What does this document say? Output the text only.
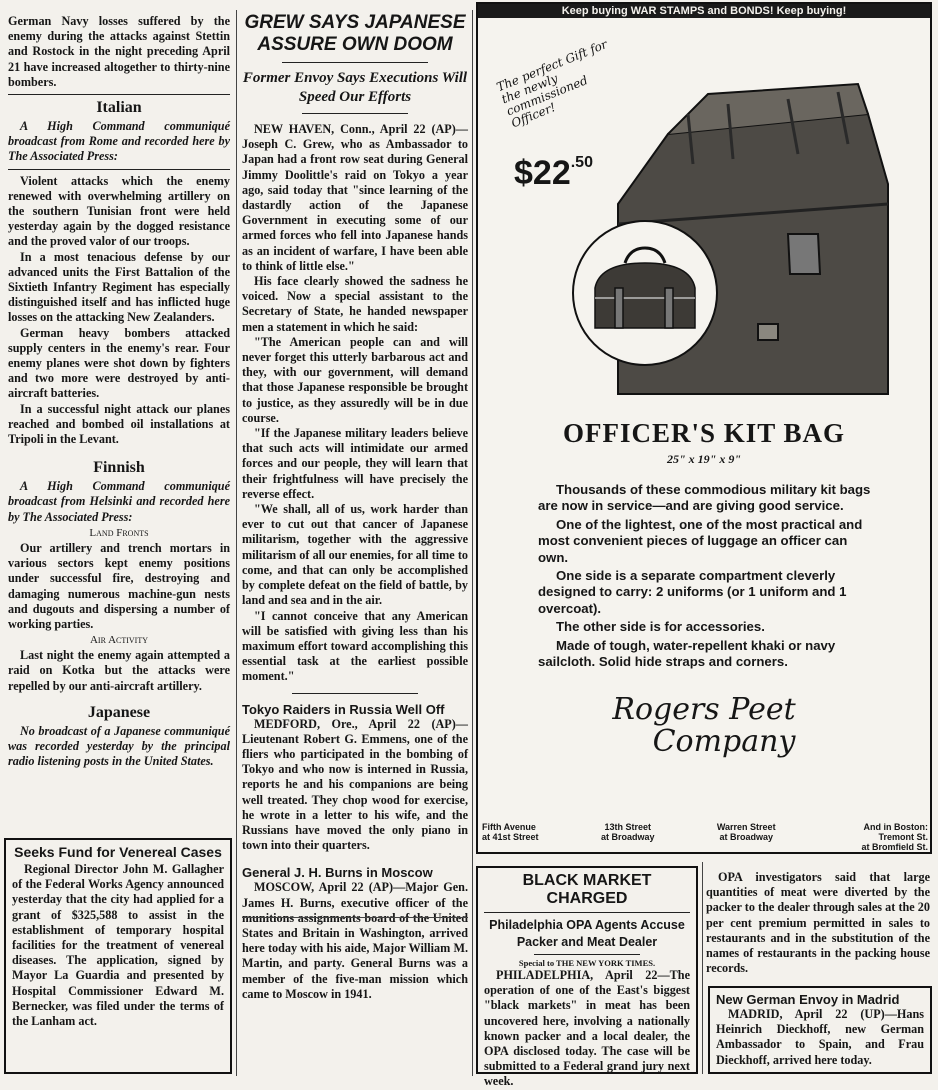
German Navy losses suffered by the enemy during the attacks against Stettin and Rostock in the night preceding April 21 have increased altogether to thirty-nine bombers.

Italian

A High Command communiqué broadcast from Rome and recorded here by The Associated Press:

Violent attacks which the enemy renewed with overwhelming artillery on the southern Tunisian front were held yesterday again by the dogged resistance and the proved valor of our troops.

In a most tenacious defense by our advanced units the First Battalion of the Sixtieth Infantry Regiment has especially distinguished itself and has inflicted huge losses on the attacking New Zealanders.

German heavy bombers attacked supply centers in the enemy's rear. Four enemy planes were shot down by fighters and two more were destroyed by anti-aircraft batteries.

In a successful night attack our planes reached and bombed oil installations at Tripoli in the Levant.

Finnish

A High Command communiqué broadcast from Helsinki and recorded here by The Associated Press:

Land Fronts

Our artillery and trench mortars in various sectors kept enemy positions under successful fire, destroying and damaging numerous machine-gun nests and dugouts and dispersing a number of working parties.

Air Activity

Last night the enemy again attempted a raid on Kotka but the attacks were repelled by our anti-aircraft artillery.

Japanese

No broadcast of a Japanese communiqué was recorded yesterday by the principal radio listening posts in the United States.

Seeks Fund for Venereal Cases

Regional Director John M. Gallagher of the Federal Works Agency announced yesterday that the city had applied for a grant of $325,588 to assist in the establishment of temporary hospital facilities for the treatment of venereal diseases. The application, signed by Mayor La Guardia and presented by Hospital Commissioner Edward M. Bernecker, was filed under the terms of the Lanham act.

GREW SAYS JAPANESE ASSURE OWN DOOM
Former Envoy Says Executions Will Speed Our Efforts

NEW HAVEN, Conn., April 22 (AP)—Joseph C. Grew, who as Ambassador to Japan had a front row seat during General Jimmy Doolittle's raid on Tokyo a year ago, said today that "since learning of the dastardly action of the Japanese Government in executing some of our armed forces who fell into Japanese hands as an incident of warfare, I have been able to think of little else."

His face clearly showed the sadness he voiced. Now a special assistant to the Secretary of State, he handed newspaper men a statement in which he said:

"The American people can and will never forget this utterly barbarous act and they, with our government, will demand that those Japanese responsible be brought to justice, as they assuredly will be in due course.

"If the Japanese military leaders believe that such acts will intimidate our armed forces and our people, they will learn that their frightfulness will have precisely the reverse effect.

"We shall, all of us, work harder than ever to cut out that cancer of Japanese militarism, together with the aggressive militarism of all our enemies, for all time to come, and that can only be accomplished by complete defeat on the field of battle, by land and sea and in the air.

"I cannot conceive that any American will be satisfied with giving less than his maximum effort toward accomplishing this essential task at the earliest possible moment."

Tokyo Raiders in Russia Well Off

MEDFORD, Ore., April 22 (AP)—Lieutenant Robert G. Emmens, one of the fliers who participated in the bombing of Tokyo and who now is interned in Russia, reports he and his companions are being well treated. They chop wood for exercise, he wrote in a letter to his wife, and the Russians have moved the only piano in town into their quarters.

General J. H. Burns in Moscow

MOSCOW, April 22 (AP)—Major Gen. James H. Burns, executive officer of the munitions assignments board of the United States and Britain in Washington, arrived here today with his aide, Major William M. Martin, and party. General Burns was a member of the five-man mission which came to Moscow in 1941.

Keep buying WAR STAMPS and BONDS! Keep buying!
The perfect Gift for the newly commissioned Officer!
$22.50
OFFICER'S KIT BAG
25" x 19" x 9"

Thousands of these commodious military kit bags are now in service—and are giving good service.

One of the lightest, one of the most practical and most convenient pieces of luggage an officer can own.

One side is a separate compartment cleverly designed to carry: 2 uniforms (or 1 uniform and 1 overcoat).

The other side is for accessories.

Made of tough, water-repellent khaki or navy sailcloth. Solid hide straps and corners.

Rogers Peet
Company
Fifth Avenue
at 41st Street
13th Street
at Broadway
Warren Street
at Broadway
And in Boston: Tremont St.
at Bromfield St.
BLACK MARKET CHARGED
Philadelphia OPA Agents Accuse Packer and Meat Dealer
Special to THE NEW YORK TIMES.

PHILADELPHIA, April 22—The operation of one of the East's biggest "black markets" in meat has been uncovered here, involving a nationally known packer and a local dealer, the OPA disclosed today. The case will be submitted to a Federal grand jury next week.

OPA investigators said that large quantities of meat were diverted by the packer to the dealer through sales at the 20 per cent premium permitted in sales to restaurants and in the substitution of the names of restaurants in the packing house records.

New German Envoy in Madrid

MADRID, April 22 (UP)—Hans Heinrich Dieckhoff, new German Ambassador to Spain, and Frau Dieckhoff, arrived here today.
